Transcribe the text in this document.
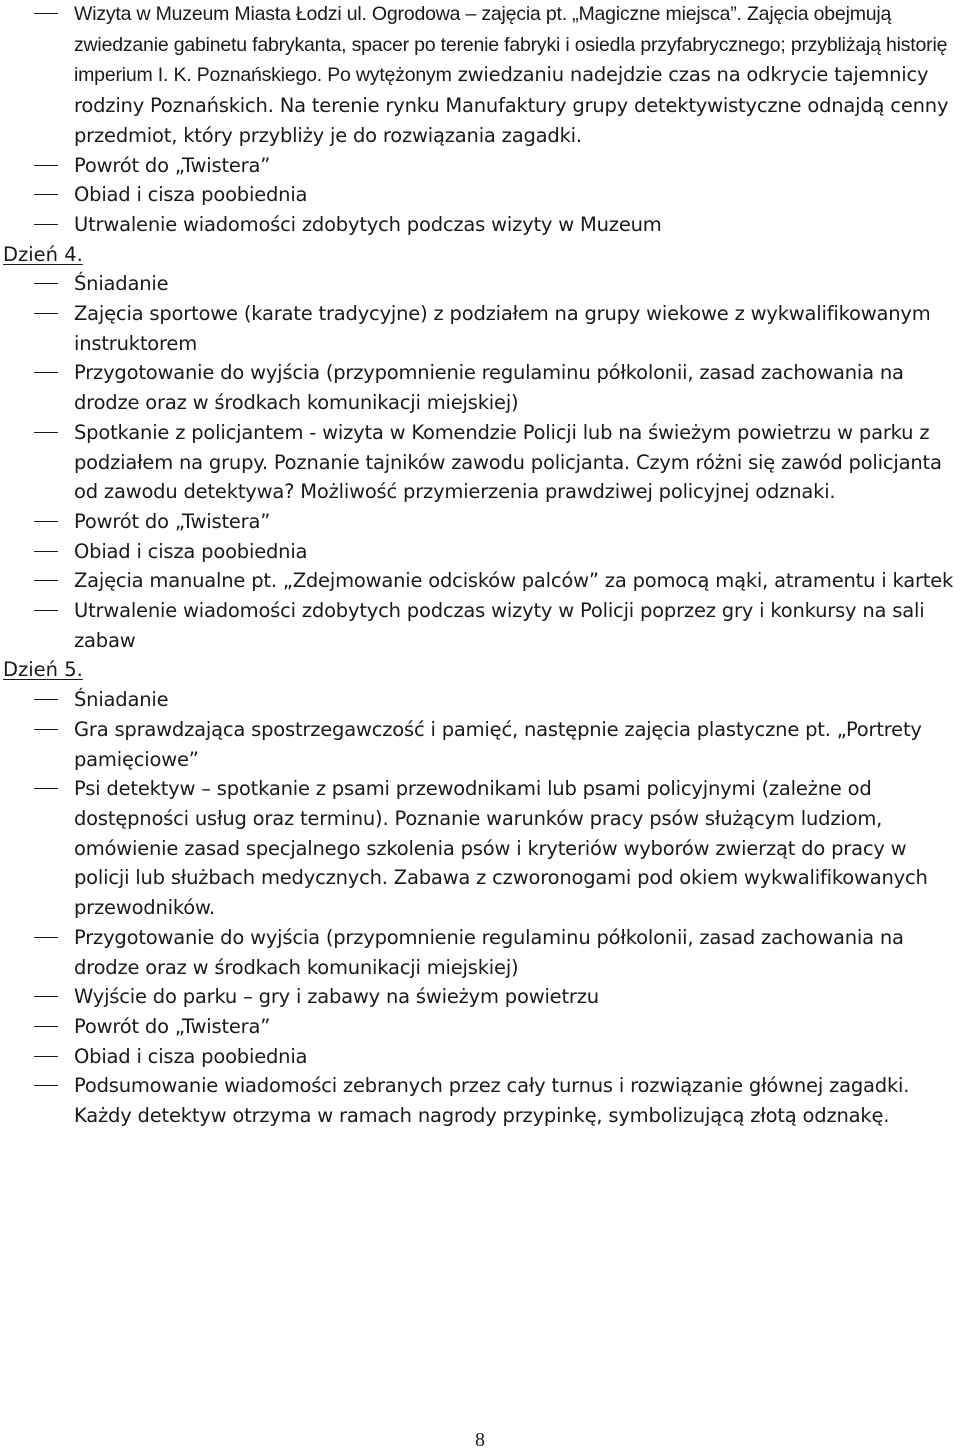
Wizyta w Muzeum Miasta Łodzi ul. Ogrodowa – zajęcia pt. „Magiczne miejsca”. Zajęcia obejmują zwiedzanie gabinetu fabrykanta, spacer po terenie fabryki i osiedla przyfabrycznego; przybliżają historię imperium I. K. Poznańskiego. Po wytężonym zwiedzaniu nadejdzie czas na odkrycie tajemnicy rodziny Poznańskich. Na terenie rynku Manufaktury grupy detektywistyczne odnajdą cenny przedmiot, który przybliży je do rozwiązania zagadki.
Powrót do „Twistera”
Obiad i cisza poobiednia
Utrwalenie wiadomości zdobytych podczas wizyty w Muzeum
Dzień 4.
Śniadanie
Zajęcia sportowe (karate tradycyjne) z podziałem na grupy wiekowe z wykwalifikowanym instruktorem
Przygotowanie do wyjścia (przypomnienie regulaminu półkolonii, zasad zachowania na drodze oraz w środkach komunikacji miejskiej)
Spotkanie z policjantem - wizyta w Komendzie Policji lub na świeżym powietrzu w parku z podziałem na grupy. Poznanie tajników zawodu policjanta. Czym różni się zawód policjanta od zawodu detektywa? Możliwość przymierzenia prawdziwej policyjnej odznaki.
Powrót do „Twistera”
Obiad i cisza poobiednia
Zajęcia manualne pt. „Zdejmowanie odcisków palców” za pomocą mąki, atramentu i kartek
Utrwalenie wiadomości zdobytych podczas wizyty w Policji poprzez gry i konkursy na sali zabaw
Dzień 5.
Śniadanie
Gra sprawdzająca spostrzegawczość i pamięć, następnie zajęcia plastyczne pt. „Portrety pamięciowe”
Psi detektyw – spotkanie z psami przewodnikami lub psami policyjnymi (zależne od dostępności usług oraz terminu). Poznanie warunków pracy psów służącym ludziom, omówienie zasad specjalnego szkolenia psów i kryteriów wyborów zwierząt do pracy w policji lub służbach medycznych. Zabawa z czworonogami pod okiem wykwalifikowanych przewodników.
Przygotowanie do wyjścia (przypomnienie regulaminu półkolonii, zasad zachowania na drodze oraz w środkach komunikacji miejskiej)
Wyjście do parku – gry i zabawy na świeżym powietrzu
Powrót do „Twistera”
Obiad i cisza poobiednia
Podsumowanie wiadomości zebranych przez cały turnus i rozwiązanie głównej zagadki. Każdy detektyw otrzyma w ramach nagrody przypinkę, symbolizującą złotą odznakę.
8
